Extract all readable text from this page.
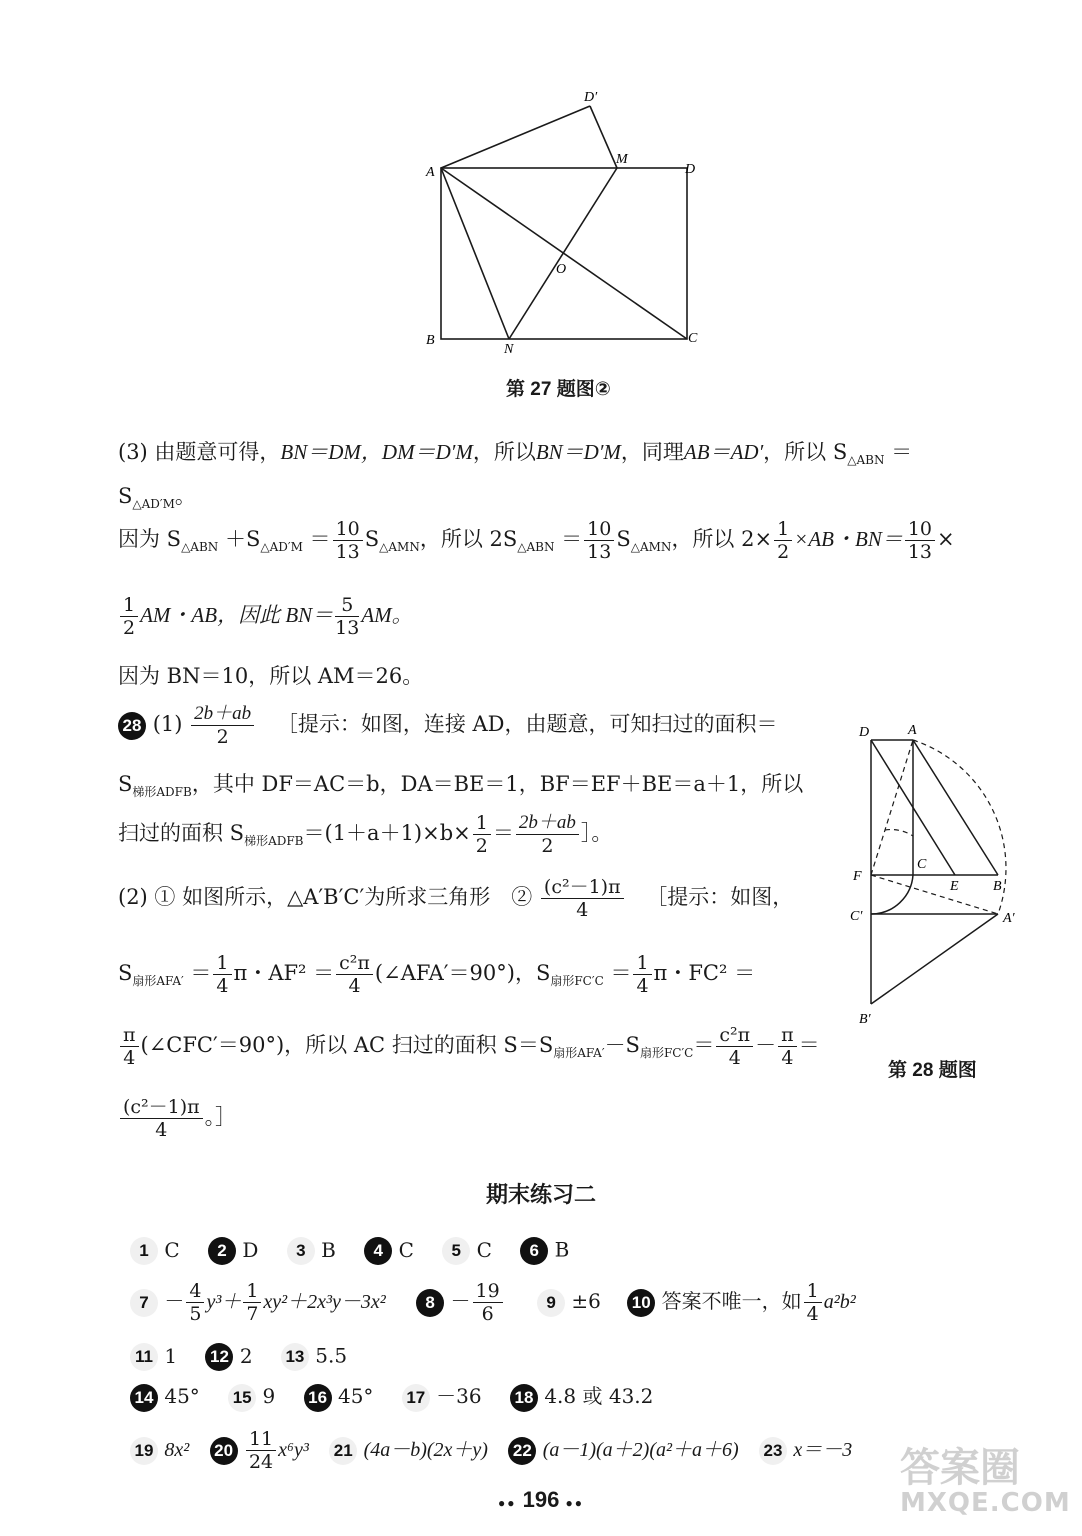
D′
A
M
D
O
B
N
C
第 27 题图②
(3) 由题意可得，BN＝DM，DM＝D′M，所以BN＝D′M，同理AB＝AD′，所以 $S_{\triangle ABN}$ ＝
$S_{\triangle AD'M}$。
因为 $S_{\triangle ABN} +S_{\triangle AD'M} = \frac{10}{13} S_{\triangle AMN}$，所以 $2S_{\triangle ABN} = \frac{10}{13} S_{\triangle AMN}$，所以 $2\times \frac{1}{2} \times AB$・$BN= \frac{10}{13}$ ×
$\frac{1}{2}$ AM・AB，因此 $BN= \frac{5}{13}$ AM。
因为 BN＝10，所以 AM＝26。
28 $(1) \frac{2b+ab}{2}$ ［提示：如图，连接 AD，由题意，可知扫过的面积＝
$S_{梯形ADFB}$，其中 DF＝AC＝b，DA＝BE＝1，BF＝EF＋BE＝a＋1，所以
扫过的面积 $S_{梯形ADFB}=(1+a+1)\times b\times \frac{1}{2} = \frac{2b+ab}{2}$ ］。
(2) ① 如图所示，△A′B′C′为所求三角形　② $\frac{\text{(c²－1)π}}{4}$ ［提示：如图，
$S_{扇形AFA'} = \frac{1}{4}$ π・$AF^2 = \frac{\text{c²π}}{4}$ (∠AFA′＝90°)，$S_{扇形FC'C} = \frac{1}{4}$ π・FC² ＝
$\frac{\pi}{4}$ (∠CFC′＝90°)，所以 AC 扫过的面积 $S=S_{扇形AFA'}-S_{扇形FC'C}= \frac{\text{c²π}}{4} - \frac{\pi}{4}$ ＝
$\frac{\text{(c²－1)π}}{4}$ 。］
D	A
C
F
E B
C′	A′
B′
第 28 题图
期末练习二
1 C 2 D 3 B 4 C 5 C 6 B
$7 - \frac{4}{5} y^3+ \frac{1}{7} xy^2+2x^3y-3x^2$ $8 - \frac{19}{6}$	9 ±6 10 答案不唯一，如 $\frac{1}{4} a^2b^2$
11 1 12 2 13 5.5
14 45° 15 9 16 45° 17 －36 18 4.8 或 43.2
19 8x² $20 \frac{11}{24} x^6y^3$ 21 (4a－b)(2x＋y) 22 (a－1)(a＋2)(a²＋a＋6) 23 x＝－3
●● 196 ●●
答案圈
MXQE.COM
